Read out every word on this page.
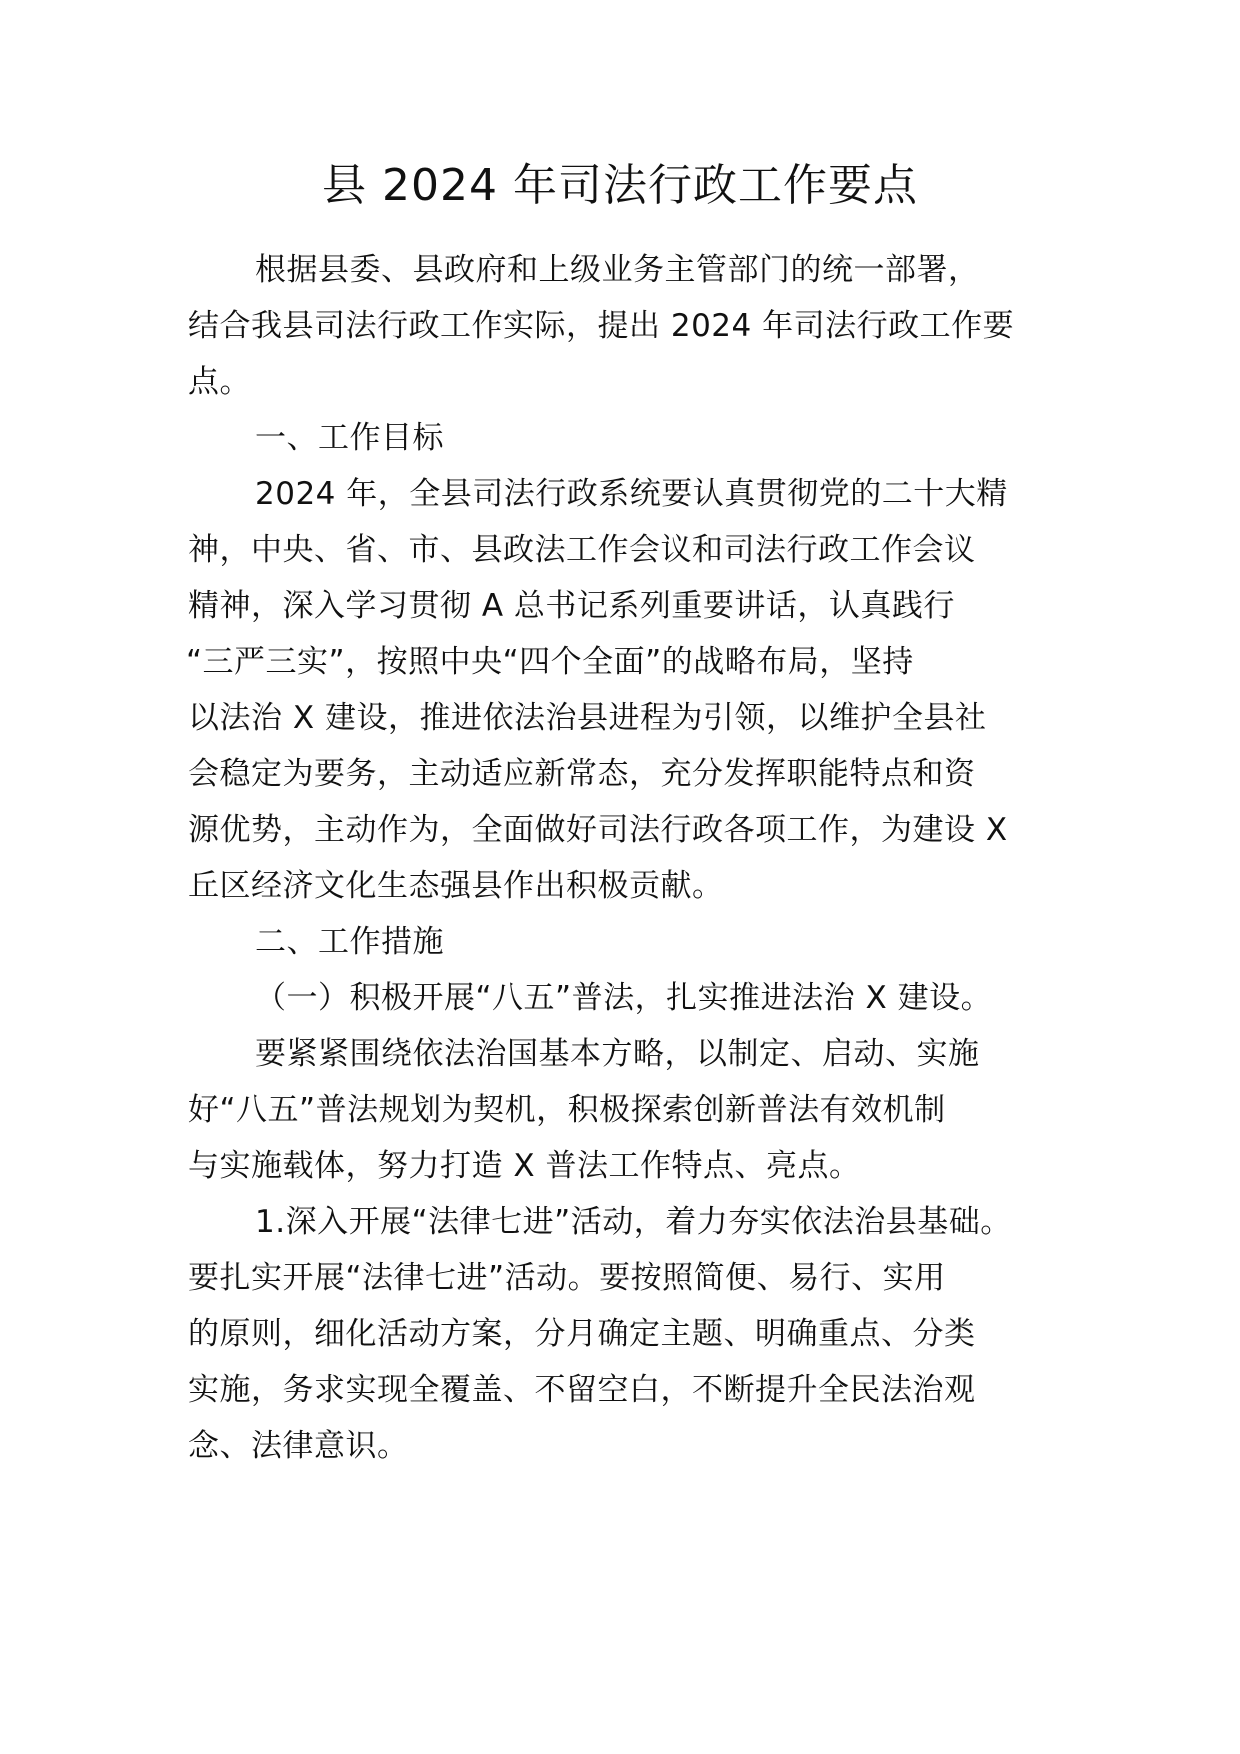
县 2024 年司法行政工作要点
根据县委、县政府和上级业务主管部门的统一部署，
结合我县司法行政工作实际，提出 2024 年司法行政工作要
点。
一、工作目标
2024 年，全县司法行政系统要认真贯彻党的二十大精
神，中央、省、市、县政法工作会议和司法行政工作会议
精神，深入学习贯彻 A 总书记系列重要讲话，认真践行
“三严三实”，按照中央“四个全面”的战略布局，坚持
以法治 X 建设，推进依法治县进程为引领，以维护全县社
会稳定为要务，主动适应新常态，充分发挥职能特点和资
源优势，主动作为，全面做好司法行政各项工作，为建设 X
丘区经济文化生态强县作出积极贡献。
二、工作措施
（一）积极开展“八五”普法，扎实推进法治 X 建设。
要紧紧围绕依法治国基本方略，以制定、启动、实施
好“八五”普法规划为契机，积极探索创新普法有效机制
与实施载体，努力打造 X 普法工作特点、亮点。
1.深入开展“法律七进”活动，着力夯实依法治县基础。
要扎实开展“法律七进”活动。要按照简便、易行、实用
的原则，细化活动方案，分月确定主题、明确重点、分类
实施，务求实现全覆盖、不留空白，不断提升全民法治观
念、法律意识。
